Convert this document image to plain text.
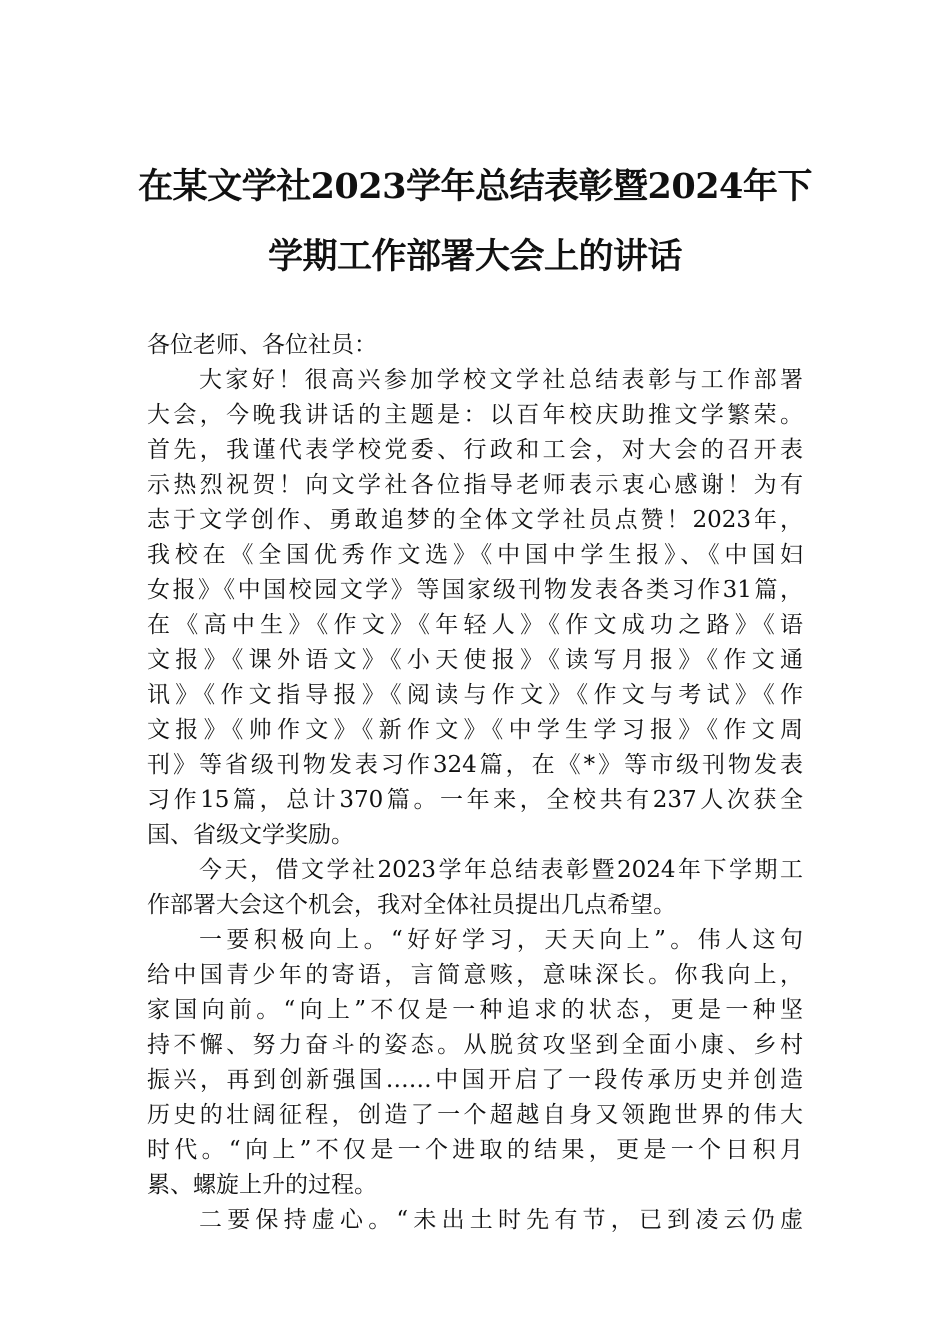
在某文学社2023学年总结表彰暨2024年下
学期工作部署大会上的讲话
各位老师、各位社员：
大家好！很高兴参加学校文学社总结表彰与工作部署
大会，今晚我讲话的主题是：以百年校庆助推文学繁荣。
首先，我谨代表学校党委、行政和工会，对大会的召开表
示热烈祝贺！向文学社各位指导老师表示衷心感谢！为有
志于文学创作、勇敢追梦的全体文学社员点赞！2023年，
我校在《全国优秀作文选》《中国中学生报》、《中国妇
女报》《中国校园文学》等国家级刊物发表各类习作31篇，
在《高中生》《作文》《年轻人》《作文成功之路》《语
文报》《课外语文》《小天使报》《读写月报》《作文通
讯》《作文指导报》《阅读与作文》《作文与考试》《作
文报》《帅作文》《新作文》《中学生学习报》《作文周
刊》等省级刊物发表习作324篇，在《*》等市级刊物发表
习作15篇，总计370篇。一年来，全校共有237人次获全
国、省级文学奖励。
今天，借文学社2023学年总结表彰暨2024年下学期工
作部署大会这个机会，我对全体社员提出几点希望。
一要积极向上。“好好学习，天天向上”。伟人这句
给中国青少年的寄语，言简意赅，意味深长。你我向上，
家国向前。“向上”不仅是一种追求的状态，更是一种坚
持不懈、努力奋斗的姿态。从脱贫攻坚到全面小康、乡村
振兴，再到创新强国……中国开启了一段传承历史并创造
历史的壮阔征程，创造了一个超越自身又领跑世界的伟大
时代。“向上”不仅是一个进取的结果，更是一个日积月
累、螺旋上升的过程。
二要保持虚心。“未出土时先有节，已到凌云仍虚
